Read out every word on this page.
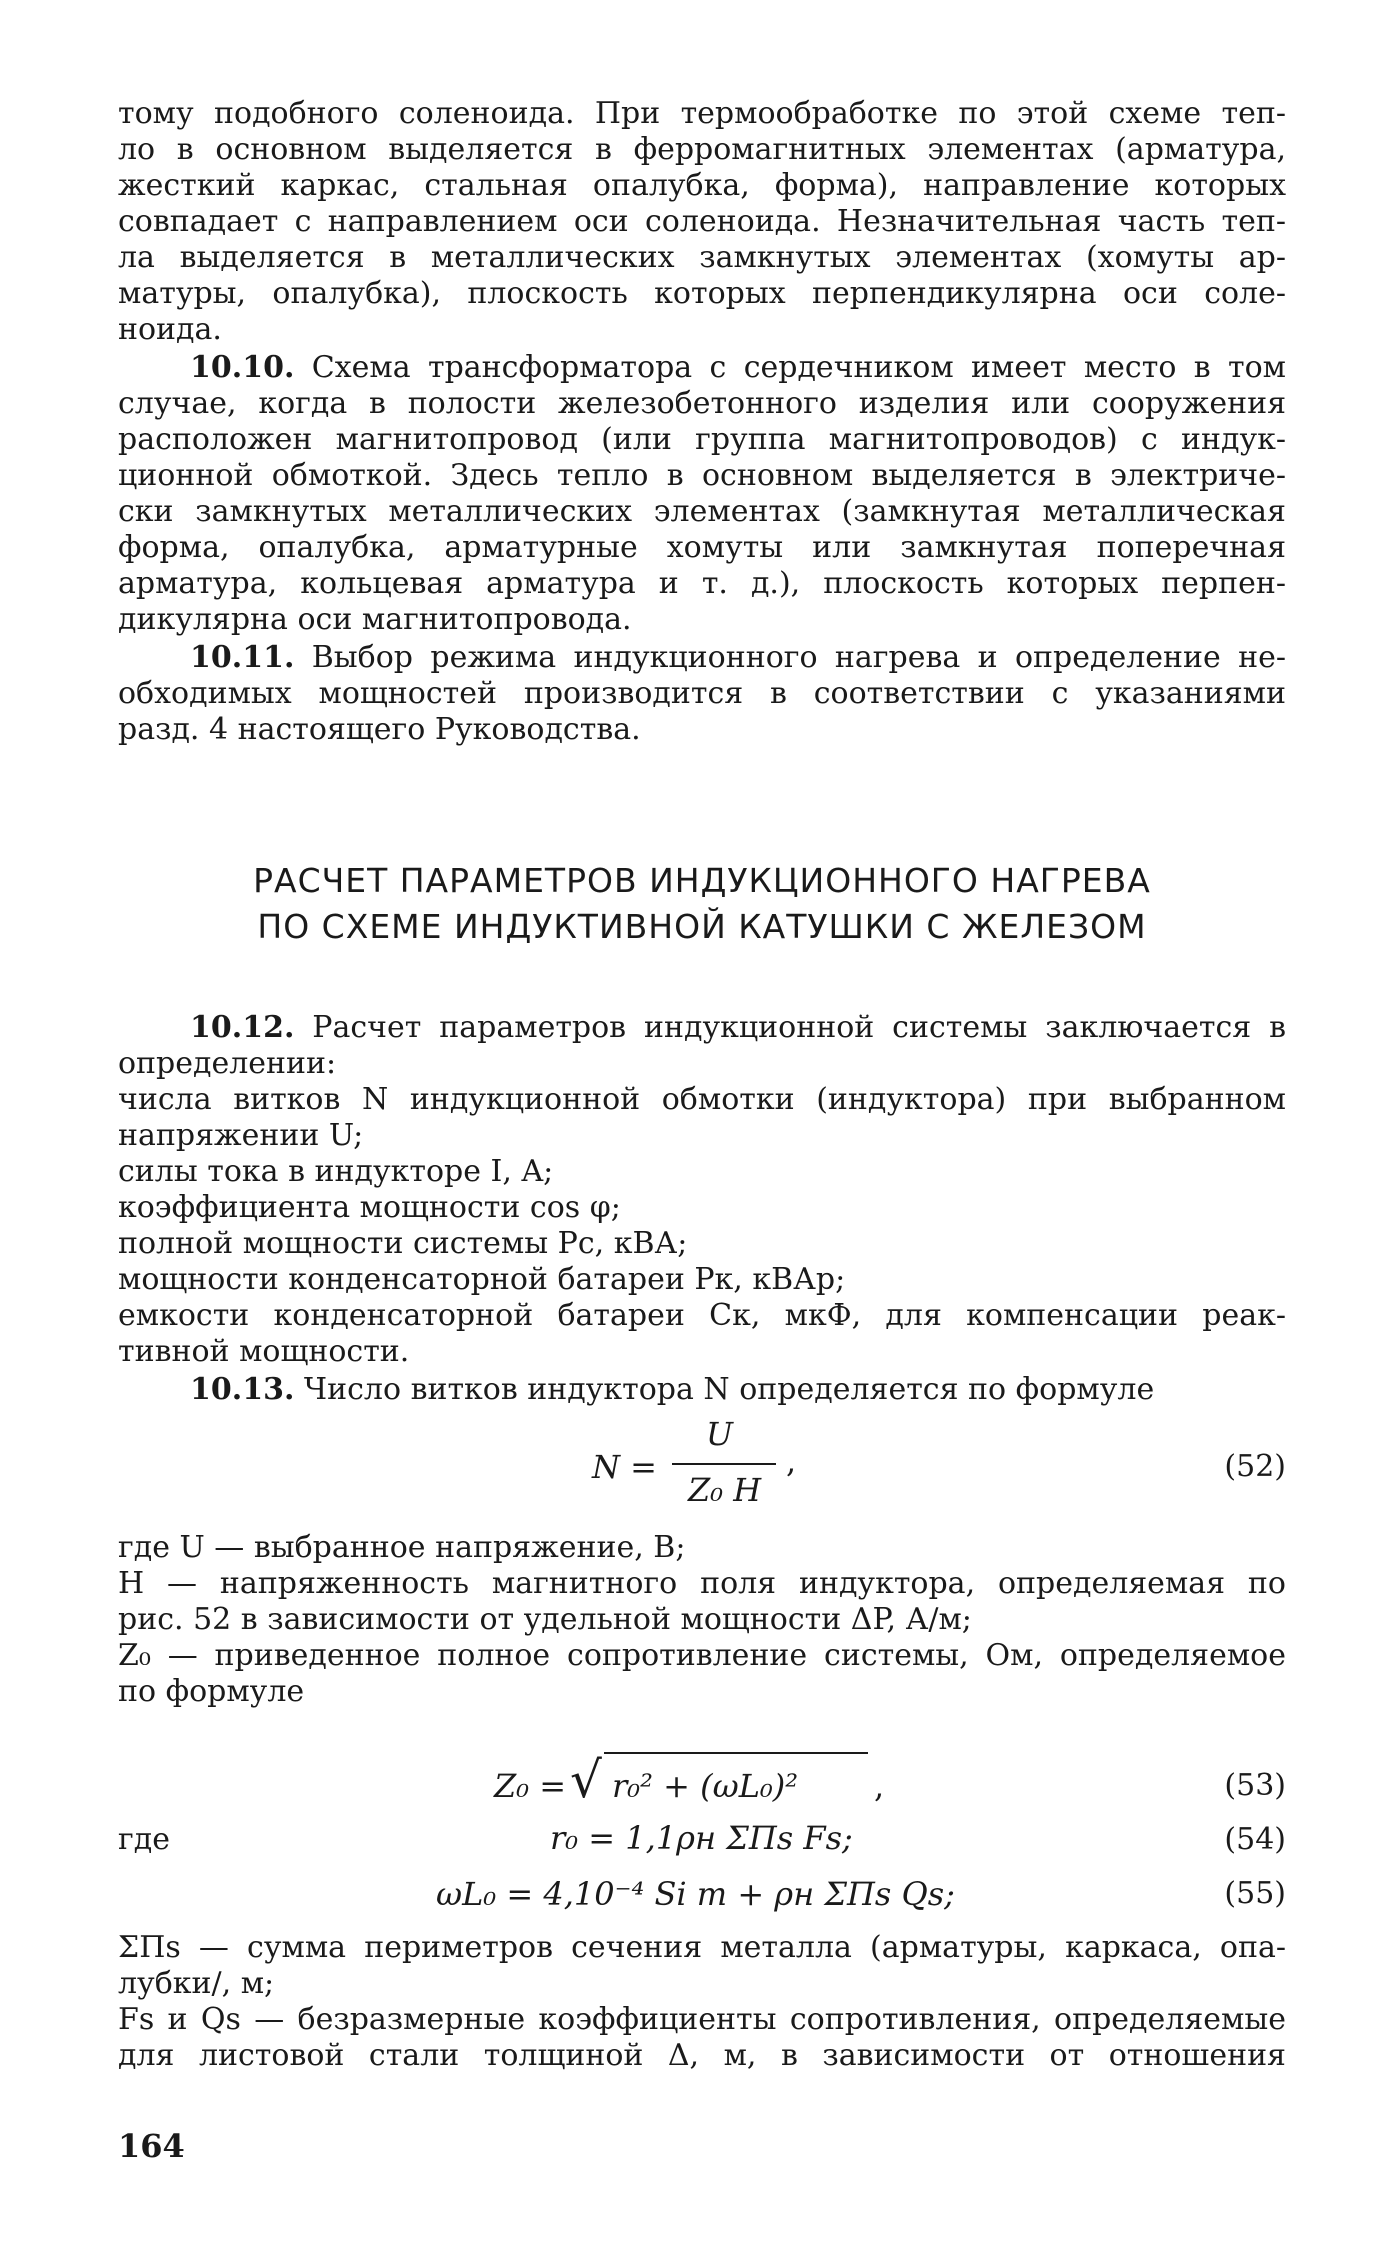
тому подобного соленоида. При термообработке по этой схеме теп-
ло в основном выделяется в ферромагнитных элементах (арматура,
жесткий каркас, стальная опалубка, форма), направление которых
совпадает с направлением оси соленоида. Незначительная часть теп-
ла выделяется в металлических замкнутых элементах (хомуты ар-
матуры, опалубка), плоскость которых перпендикулярна оси соле-
ноида.
10.10. Схема трансформатора с сердечником имеет место в том
случае, когда в полости железобетонного изделия или сооружения
расположен магнитопровод (или группа магнитопроводов) с индук-
ционной обмоткой. Здесь тепло в основном выделяется в электриче-
ски замкнутых металлических элементах (замкнутая металлическая
форма, опалубка, арматурные хомуты или замкнутая поперечная
арматура, кольцевая арматура и т. д.), плоскость которых перпен-
дикулярна оси магнитопровода.
10.11. Выбор режима индукционного нагрева и определение не-
обходимых мощностей производится в соответствии с указаниями
разд. 4 настоящего Руководства.
РАСЧЕТ ПАРАМЕТРОВ ИНДУКЦИОННОГО НАГРЕВА
ПО СХЕМЕ ИНДУКТИВНОЙ КАТУШКИ С ЖЕЛЕЗОМ
10.12. Расчет параметров индукционной системы заключается в
определении:
числа витков N индукционной обмотки (индуктора) при выбранном
напряжении U;
силы тока в индукторе I, A;
коэффициента мощности cos φ;
полной мощности системы Pс, кВА;
мощности конденсаторной батареи Pк, кВАр;
емкости конденсаторной батареи Cк, мкФ, для компенсации реак-
тивной мощности.
10.13. Число витков индуктора N определяется по формуле
N =
U
Z₀ H
,	(52)
где U — выбранное напряжение, В;
H — напряженность магнитного поля индуктора, определяемая по
рис. 52 в зависимости от удельной мощности ΔP, А/м;
Z₀ — приведенное полное сопротивление системы, Ом, определяемое
по формуле
Z₀ = √ r₀² + (ωL₀)² ,	(53)
где	r₀ = 1,1ρн ΣПs Fs;	(54)
ωL₀ = 4,10⁻⁴ Si m + ρн ΣПs Qs;	(55)
ΣПs — сумма периметров сечения металла (арматуры, каркаса, опа-
лубки/, м;
Fs и Qs — безразмерные коэффициенты сопротивления, определяемые
для листовой стали толщиной Δ, м, в зависимости от отношения
164
